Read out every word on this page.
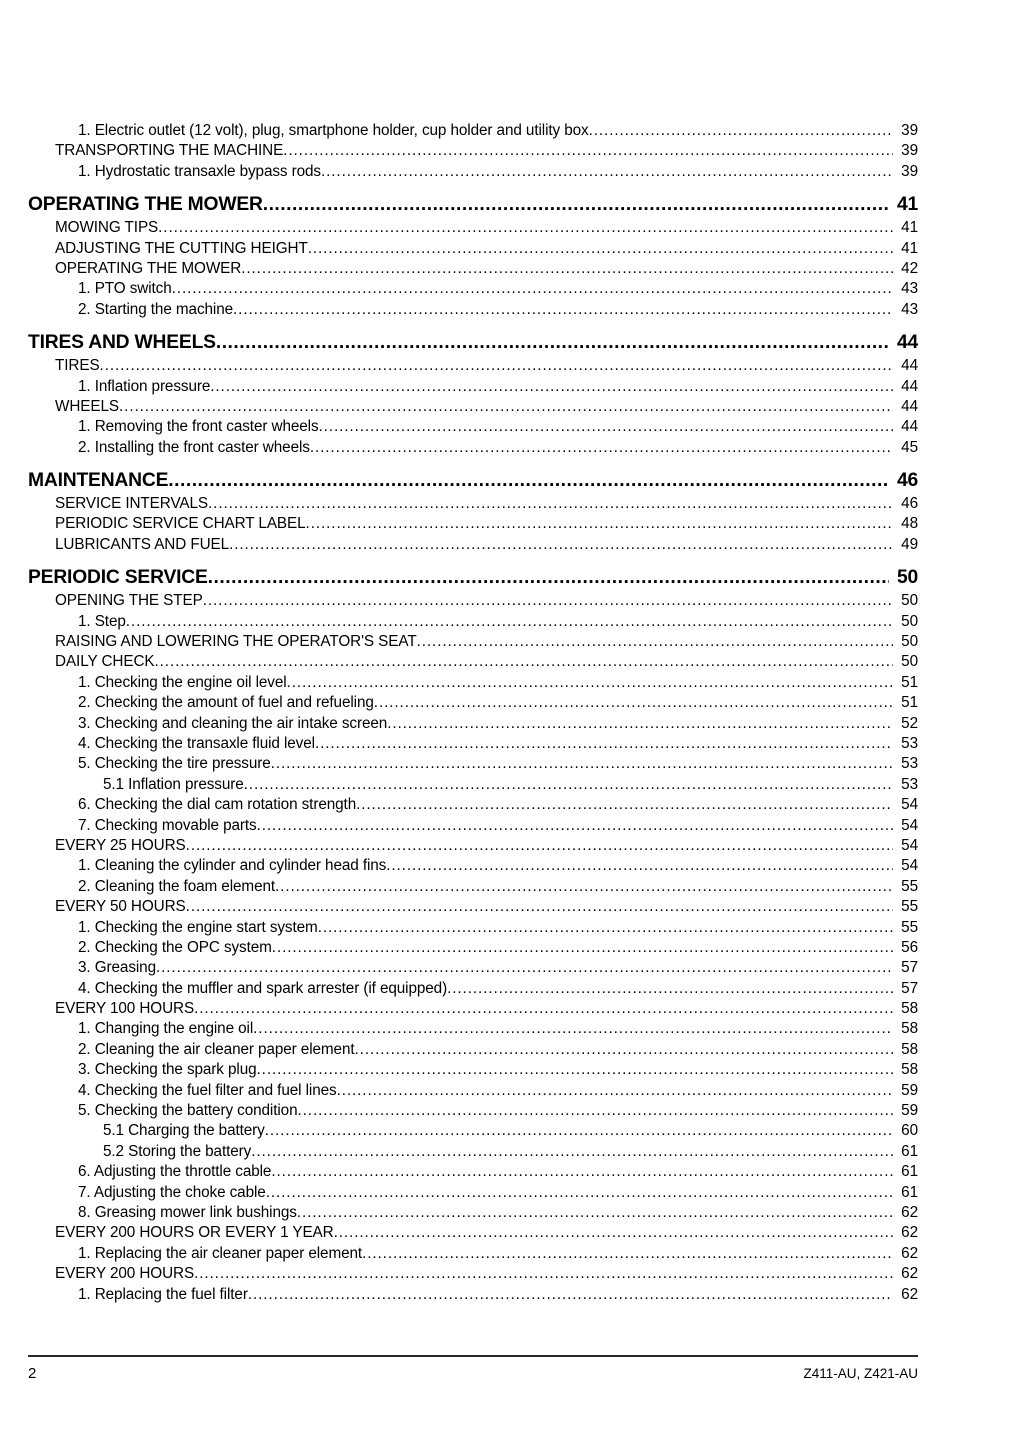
1. Electric outlet (12 volt), plug, smartphone holder, cup holder and utility box .....	39
TRANSPORTING THE MACHINE .....	39
1. Hydrostatic transaxle bypass rods .....	39
OPERATING THE MOWER .....	41
MOWING TIPS .....	41
ADJUSTING THE CUTTING HEIGHT .....	41
OPERATING THE MOWER .....	42
1. PTO switch .....	43
2. Starting the machine .....	43
TIRES AND WHEELS .....	44
TIRES .....	44
1. Inflation pressure .....	44
WHEELS .....	44
1. Removing the front caster wheels .....	44
2. Installing the front caster wheels .....	45
MAINTENANCE .....	46
SERVICE INTERVALS .....	46
PERIODIC SERVICE CHART LABEL .....	48
LUBRICANTS AND FUEL .....	49
PERIODIC SERVICE .....	50
OPENING THE STEP .....	50
1. Step .....	50
RAISING AND LOWERING THE OPERATOR'S SEAT .....	50
DAILY CHECK .....	50
1. Checking the engine oil level .....	51
2. Checking the amount of fuel and refueling .....	51
3. Checking and cleaning the air intake screen .....	52
4. Checking the transaxle fluid level .....	53
5. Checking the tire pressure .....	53
5.1 Inflation pressure .....	53
6. Checking the dial cam rotation strength .....	54
7. Checking movable parts .....	54
EVERY 25 HOURS .....	54
1. Cleaning the cylinder and cylinder head fins .....	54
2. Cleaning the foam element .....	55
EVERY 50 HOURS .....	55
1. Checking the engine start system .....	55
2. Checking the OPC system .....	56
3. Greasing .....	57
4. Checking the muffler and spark arrester (if equipped) .....	57
EVERY 100 HOURS .....	58
1. Changing the engine oil .....	58
2. Cleaning the air cleaner paper element .....	58
3. Checking the spark plug .....	58
4. Checking the fuel filter and fuel lines .....	59
5. Checking the battery condition .....	59
5.1 Charging the battery .....	60
5.2 Storing the battery .....	61
6. Adjusting the throttle cable .....	61
7. Adjusting the choke cable .....	61
8. Greasing mower link bushings .....	62
EVERY 200 HOURS OR EVERY 1 YEAR .....	62
1. Replacing the air cleaner paper element .....	62
EVERY 200 HOURS .....	62
1. Replacing the fuel filter .....	62
2	Z411-AU, Z421-AU
